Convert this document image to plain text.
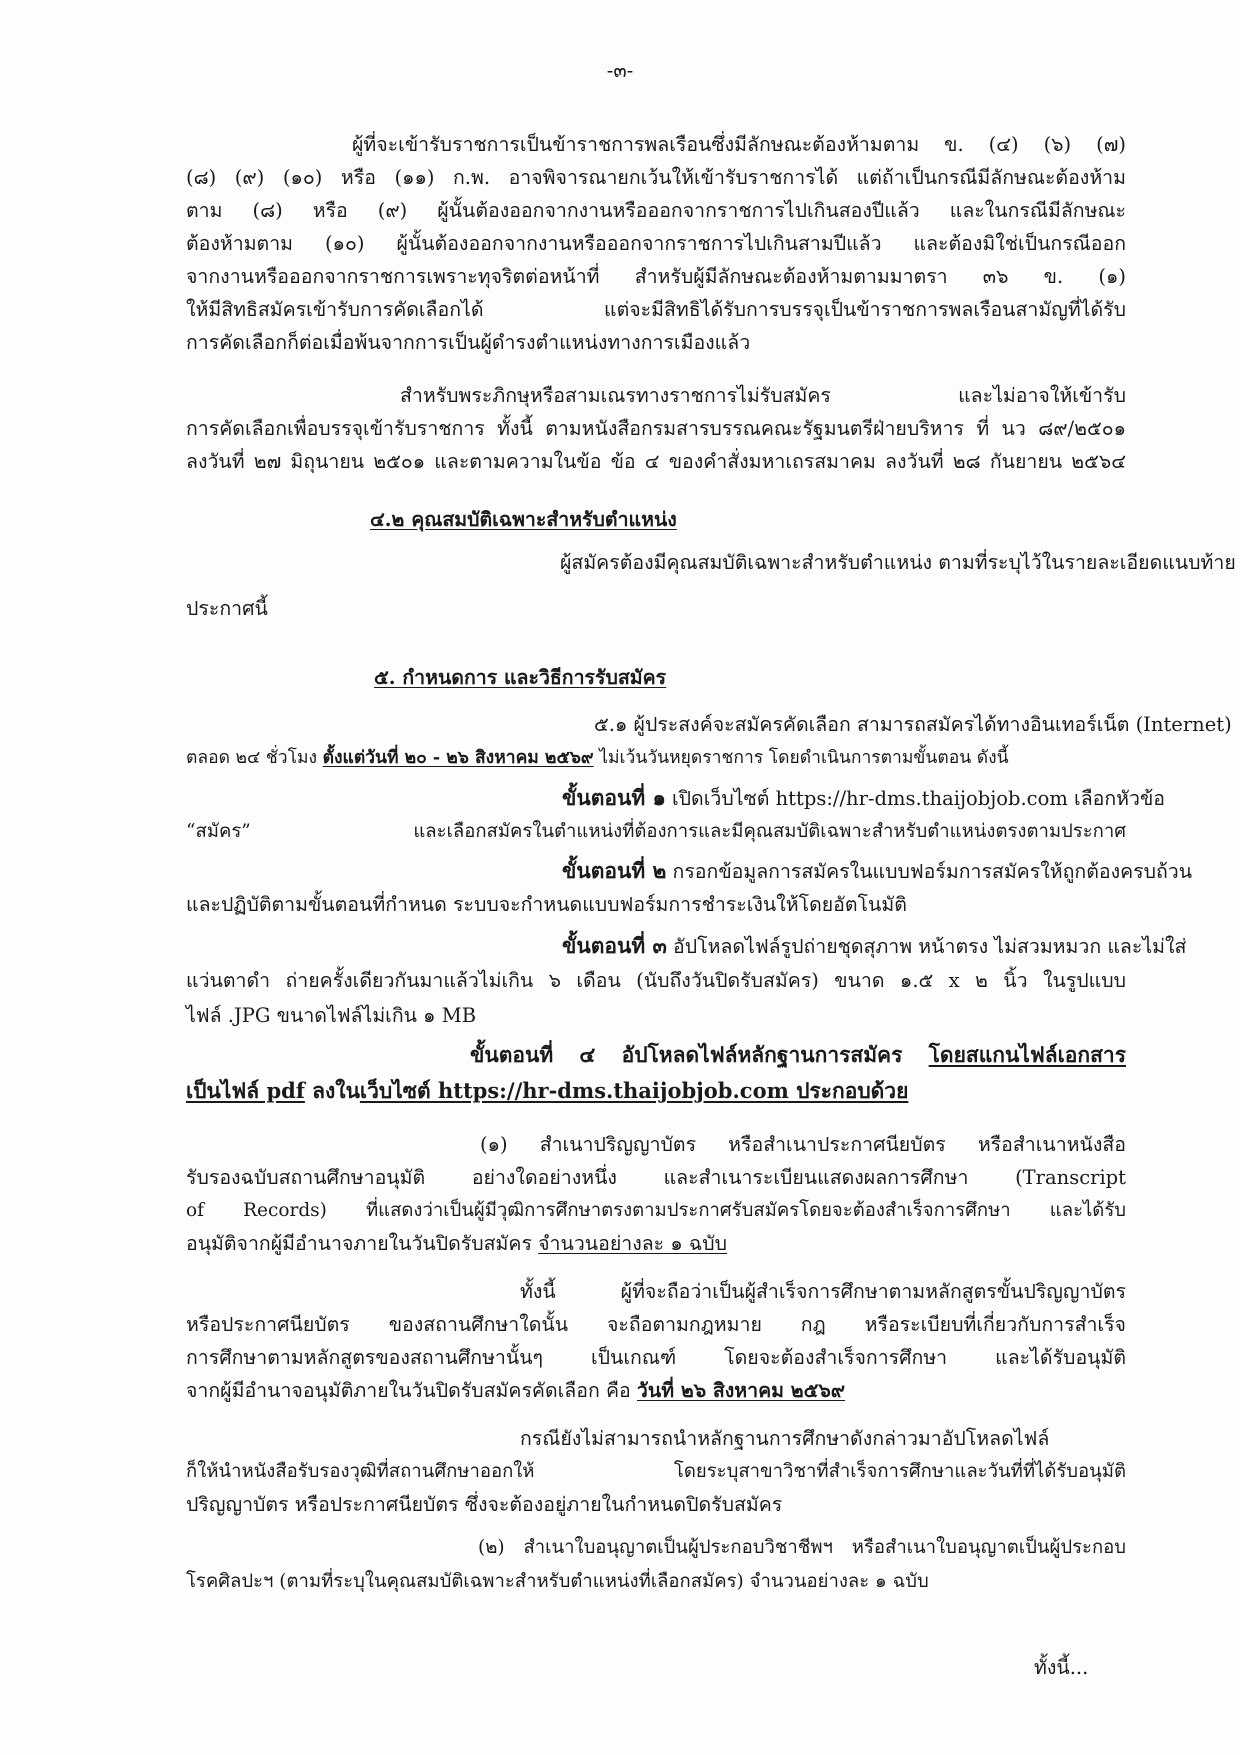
-๓-
ผู้ที่จะเข้ารับราชการเป็นข้าราชการพลเรือนซึ่งมีลักษณะต้องห้ามตาม ข. (๔) (๖) (๗)
(๘) (๙) (๑๐) หรือ (๑๑) ก.พ. อาจพิจารณายกเว้นให้เข้ารับราชการได้ แต่ถ้าเป็นกรณีมีลักษณะต้องห้าม
ตาม (๘) หรือ (๙) ผู้นั้นต้องออกจากงานหรือออกจากราชการไปเกินสองปีแล้ว และในกรณีมีลักษณะ
ต้องห้ามตาม (๑๐) ผู้นั้นต้องออกจากงานหรือออกจากราชการไปเกินสามปีแล้ว และต้องมิใช่เป็นกรณีออก
จากงานหรือออกจากราชการเพราะทุจริตต่อหน้าที่ สำหรับผู้มีลักษณะต้องห้ามตามมาตรา ๓๖ ข. (๑)
ให้มีสิทธิสมัครเข้ารับการคัดเลือกได้ แต่จะมีสิทธิได้รับการบรรจุเป็นข้าราชการพลเรือนสามัญที่ได้รับ
การคัดเลือกก็ต่อเมื่อพ้นจากการเป็นผู้ดำรงตำแหน่งทางการเมืองแล้ว
สำหรับพระภิกษุหรือสามเณรทางราชการไม่รับสมัคร และไม่อาจให้เข้ารับ
การคัดเลือกเพื่อบรรจุเข้ารับราชการ ทั้งนี้ ตามหนังสือกรมสารบรรณคณะรัฐมนตรีฝ่ายบริหาร ที่ นว ๘๙/๒๕๐๑
ลงวันที่ ๒๗ มิถุนายน ๒๕๐๑ และตามความในข้อ ข้อ ๔ ของคำสั่งมหาเถรสมาคม ลงวันที่ ๒๘ กันยายน ๒๕๖๔
๔.๒ คุณสมบัติเฉพาะสำหรับตำแหน่ง
ผู้สมัครต้องมีคุณสมบัติเฉพาะสำหรับตำแหน่ง ตามที่ระบุไว้ในรายละเอียดแนบท้าย
ประกาศนี้
๕. กำหนดการ และวิธีการรับสมัคร
๕.๑ ผู้ประสงค์จะสมัครคัดเลือก สามารถสมัครได้ทางอินเทอร์เน็ต (Internet)
ตลอด ๒๔ ชั่วโมง ตั้งแต่วันที่ ๒๐ - ๒๖ สิงหาคม ๒๕๖๙ ไม่เว้นวันหยุดราชการ โดยดำเนินการตามขั้นตอน ดังนี้
ขั้นตอนที่ ๑ เปิดเว็บไซต์ https://hr-dms.thaijobjob.com เลือกหัวข้อ
“สมัคร” และเลือกสมัครในตำแหน่งที่ต้องการและมีคุณสมบัติเฉพาะสำหรับตำแหน่งตรงตามประกาศ
ขั้นตอนที่ ๒ กรอกข้อมูลการสมัครในแบบฟอร์มการสมัครให้ถูกต้องครบถ้วน
และปฏิบัติตามขั้นตอนที่กำหนด ระบบจะกำหนดแบบฟอร์มการชำระเงินให้โดยอัตโนมัติ
ขั้นตอนที่ ๓ อัปโหลดไฟล์รูปถ่ายชุดสุภาพ หน้าตรง ไม่สวมหมวก และไม่ใส่
แว่นตาดำ ถ่ายครั้งเดียวกันมาแล้วไม่เกิน ๖ เดือน (นับถึงวันปิดรับสมัคร) ขนาด ๑.๕ x ๒ นิ้ว ในรูปแบบ
ไฟล์ .JPG ขนาดไฟล์ไม่เกิน ๑ MB
ขั้นตอนที่ ๔ อัปโหลดไฟล์หลักฐานการสมัคร โดยสแกนไฟล์เอกสาร
เป็นไฟล์ pdf ลงในเว็บไซต์ https://hr-dms.thaijobjob.com ประกอบด้วย
(๑) สำเนาปริญญาบัตร หรือสำเนาประกาศนียบัตร หรือสำเนาหนังสือ
รับรองฉบับสถานศึกษาอนุมัติ อย่างใดอย่างหนึ่ง และสำเนาระเบียนแสดงผลการศึกษา (Transcript
of Records) ที่แสดงว่าเป็นผู้มีวุฒิการศึกษาตรงตามประกาศรับสมัครโดยจะต้องสำเร็จการศึกษา และได้รับ
อนุมัติจากผู้มีอำนาจภายในวันปิดรับสมัคร จำนวนอย่างละ ๑ ฉบับ
ทั้งนี้ ผู้ที่จะถือว่าเป็นผู้สำเร็จการศึกษาตามหลักสูตรขั้นปริญญาบัตร
หรือประกาศนียบัตร ของสถานศึกษาใดนั้น จะถือตามกฎหมาย กฎ หรือระเบียบที่เกี่ยวกับการสำเร็จ
การศึกษาตามหลักสูตรของสถานศึกษานั้นๆ เป็นเกณฑ์ โดยจะต้องสำเร็จการศึกษา และได้รับอนุมัติ
จากผู้มีอำนาจอนุมัติภายในวันปิดรับสมัครคัดเลือก คือ วันที่ ๒๖ สิงหาคม ๒๕๖๙
กรณียังไม่สามารถนำหลักฐานการศึกษาดังกล่าวมาอัปโหลดไฟล์
ก็ให้นำหนังสือรับรองวุฒิที่สถานศึกษาออกให้ โดยระบุสาขาวิชาที่สำเร็จการศึกษาและวันที่ที่ได้รับอนุมัติ
ปริญญาบัตร หรือประกาศนียบัตร ซึ่งจะต้องอยู่ภายในกำหนดปิดรับสมัคร
(๒) สำเนาใบอนุญาตเป็นผู้ประกอบวิชาชีพฯ หรือสำเนาใบอนุญาตเป็นผู้ประกอบ
โรคศิลปะฯ (ตามที่ระบุในคุณสมบัติเฉพาะสำหรับตำแหน่งที่เลือกสมัคร) จำนวนอย่างละ ๑ ฉบับ
ทั้งนี้...
